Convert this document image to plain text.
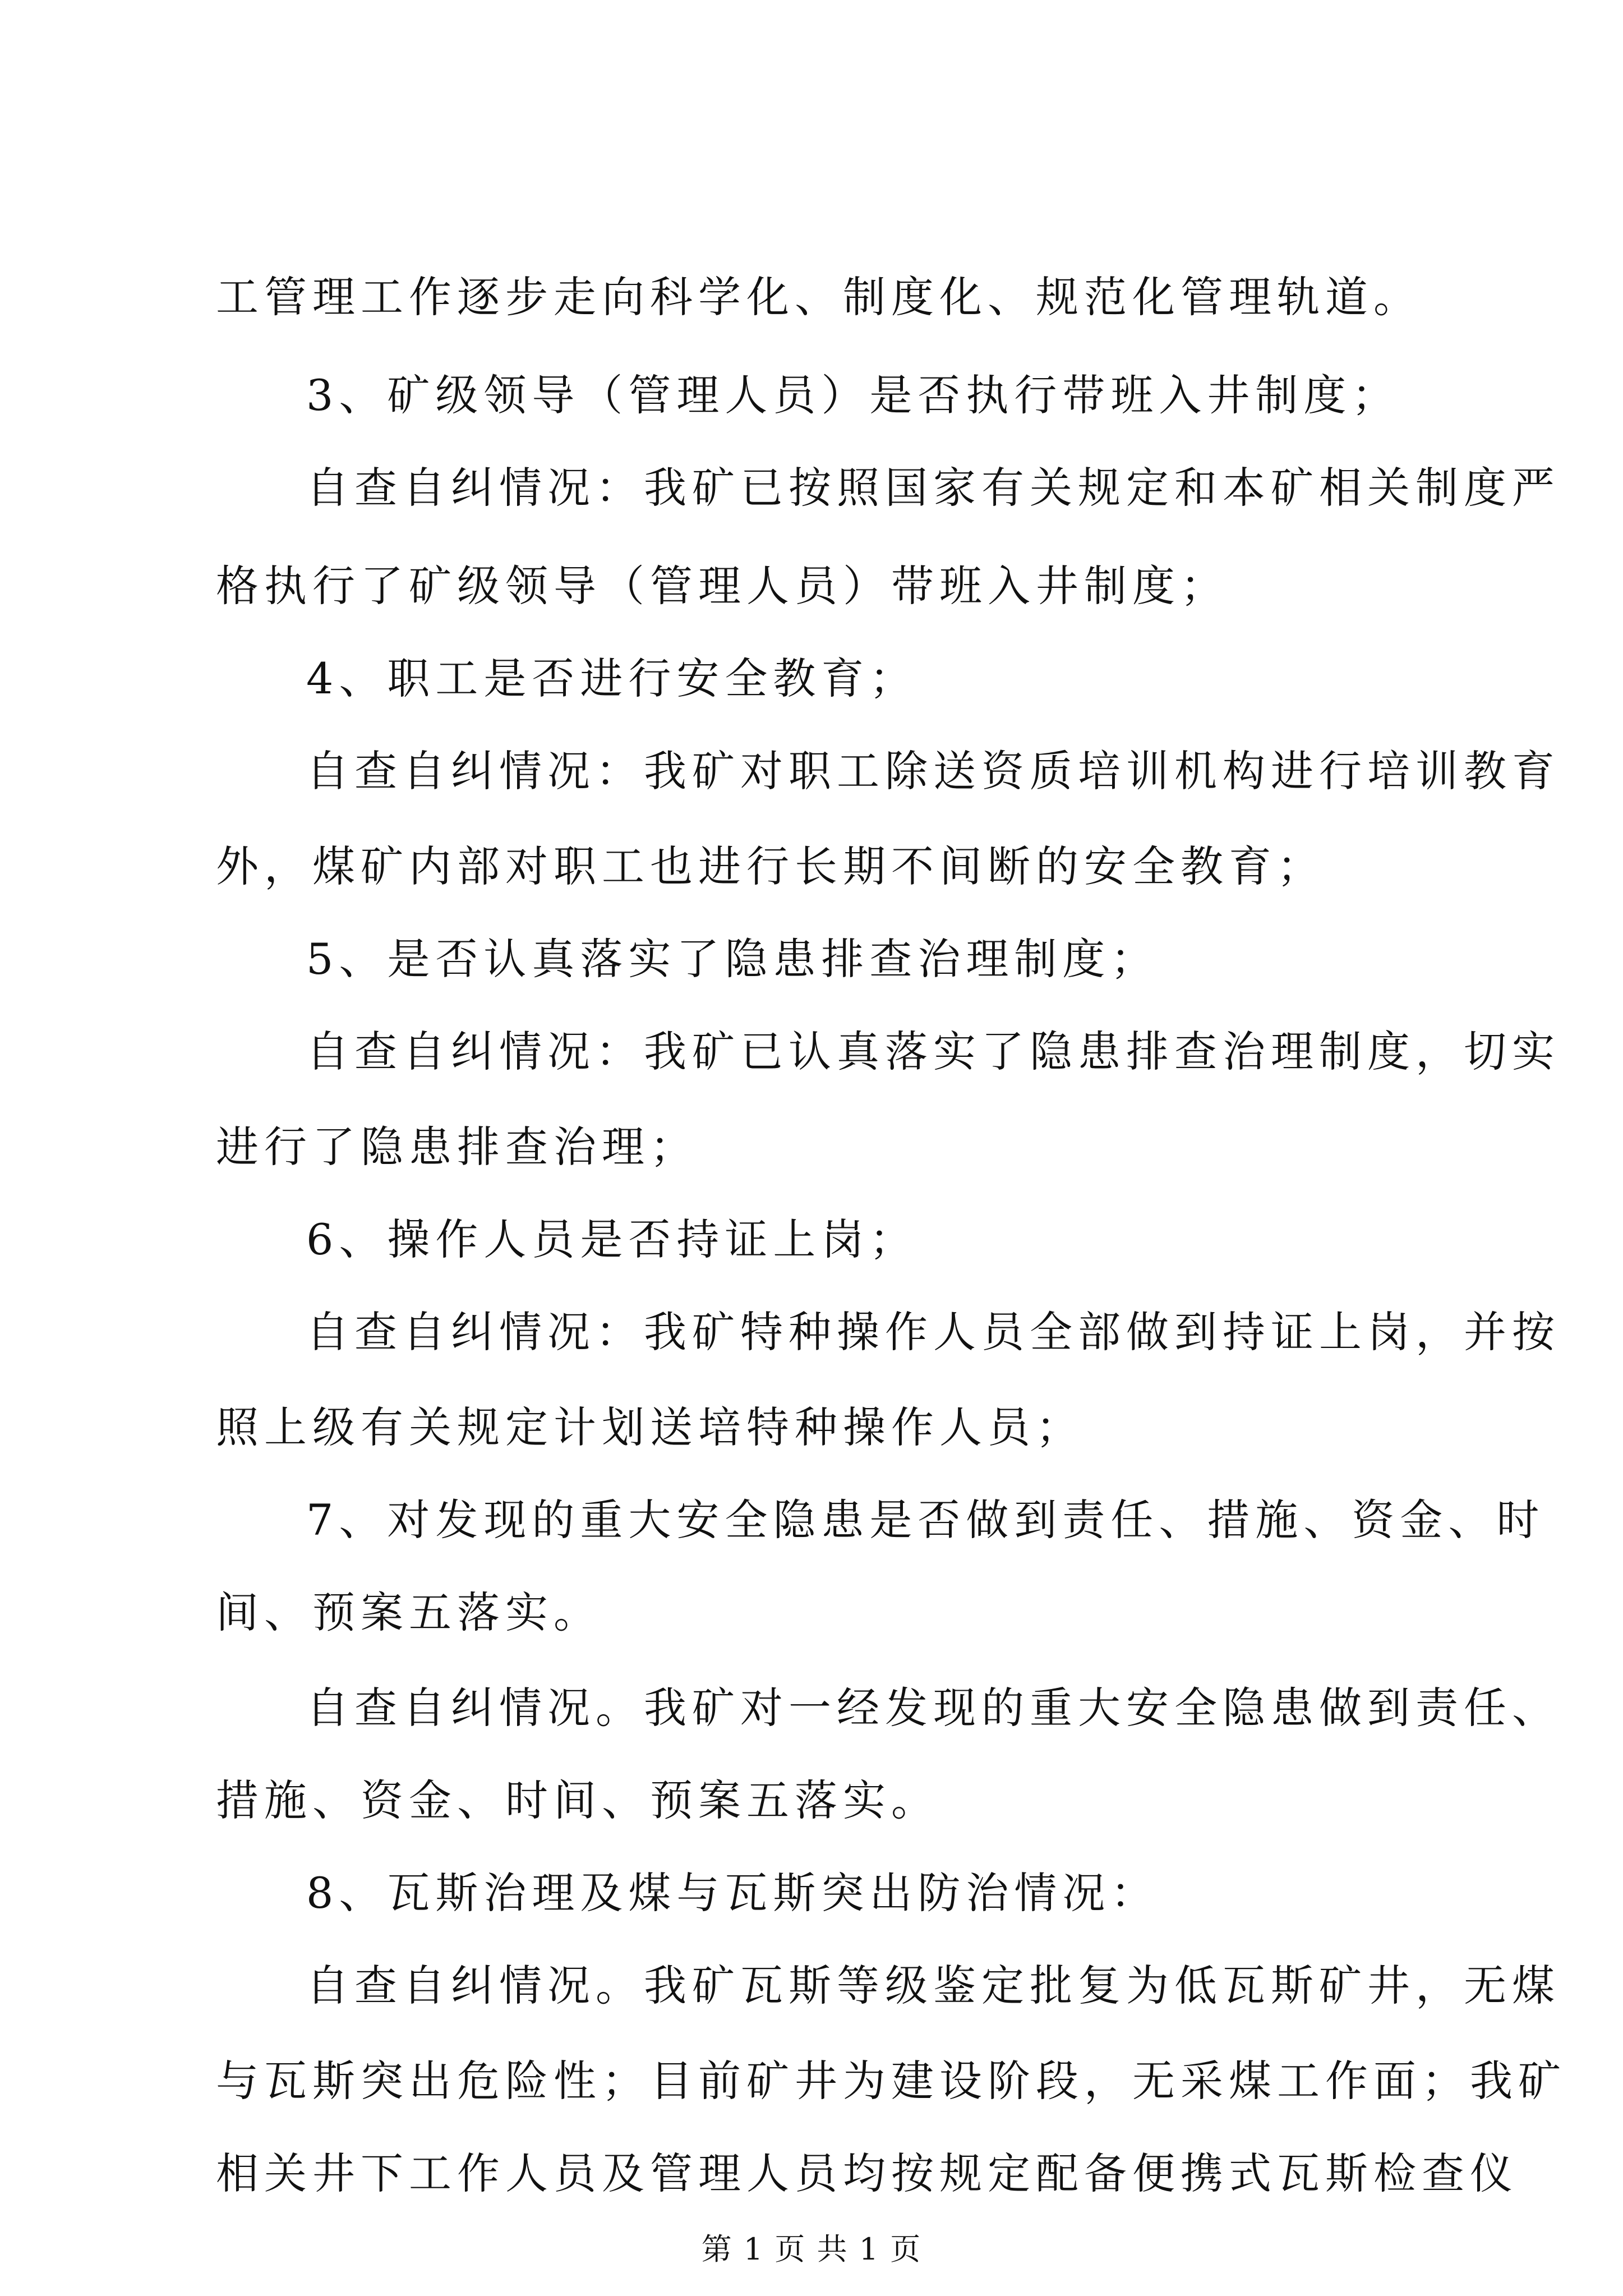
工管理工作逐步走向科学化、制度化、规范化管理轨道。
3、矿级领导（管理人员）是否执行带班入井制度；
自查自纠情况：我矿已按照国家有关规定和本矿相关制度严
格执行了矿级领导（管理人员）带班入井制度；
4、职工是否进行安全教育；
自查自纠情况：我矿对职工除送资质培训机构进行培训教育
外，煤矿内部对职工也进行长期不间断的安全教育；
5、是否认真落实了隐患排查治理制度；
自查自纠情况：我矿已认真落实了隐患排查治理制度，切实
进行了隐患排查治理；
6、操作人员是否持证上岗；
自查自纠情况：我矿特种操作人员全部做到持证上岗，并按
照上级有关规定计划送培特种操作人员；
7、对发现的重大安全隐患是否做到责任、措施、资金、时
间、预案五落实。
自查自纠情况。我矿对一经发现的重大安全隐患做到责任、
措施、资金、时间、预案五落实。
8、瓦斯治理及煤与瓦斯突出防治情况：
自查自纠情况。我矿瓦斯等级鉴定批复为低瓦斯矿井，无煤
与瓦斯突出危险性；目前矿井为建设阶段，无采煤工作面；我矿
相关井下工作人员及管理人员均按规定配备便携式瓦斯检查仪
第 1 页 共 1 页
